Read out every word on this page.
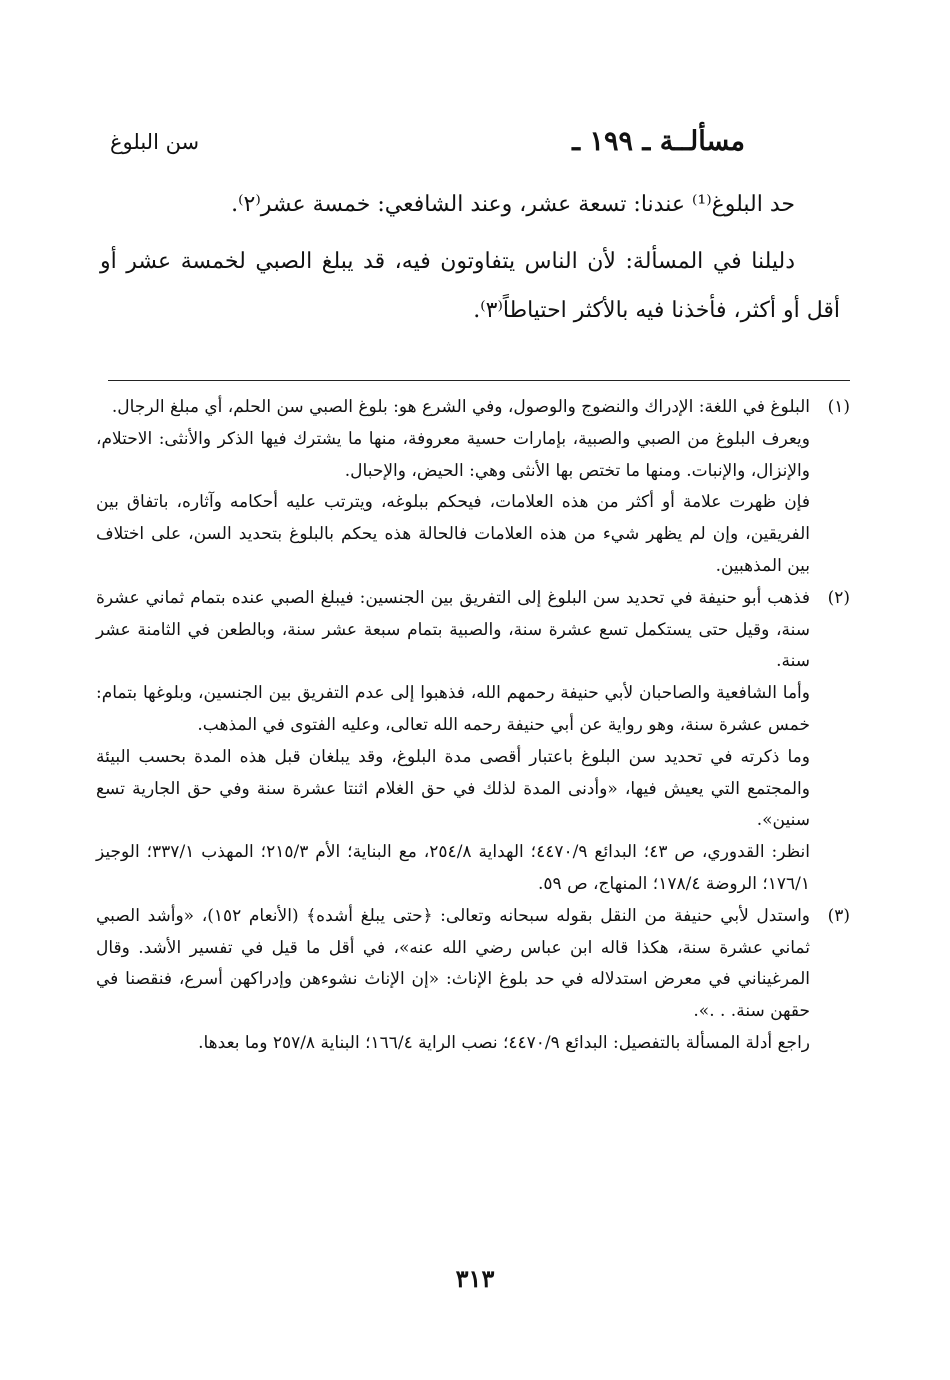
مسألــة ـ ١٩٩ ـ
سن البلوغ

حد البلوغ⁽¹⁾ عندنا: تسعة عشر، وعند الشافعي: خمسة عشر⁽٢⁾.

دليلنا في المسألة: لأن الناس يتفاوتون فيه، قد يبلغ الصبي لخمسة عشر أو أقل أو أكثر، فأخذنا فيه بالأكثر احتياطاً⁽٣⁾.

(١)

البلوغ في اللغة: الإدراك والنضوج والوصول، وفي الشرع هو: بلوغ الصبي سن الحلم، أي مبلغ الرجال.

ويعرف البلوغ من الصبي والصبية، بإمارات حسية معروفة، منها ما يشترك فيها الذكر والأنثى: الاحتلام، والإنزال، والإنبات. ومنها ما تختص بها الأنثى وهي: الحيض، والإحبال.

فإن ظهرت علامة أو أكثر من هذه العلامات، فيحكم ببلوغه، ويترتب عليه أحكامه وآثاره، باتفاق بين الفريقين، وإن لم يظهر شيء من هذه العلامات فالحالة هذه يحكم بالبلوغ بتحديد السن، على اختلاف بين المذهبين.

(٢)

فذهب أبو حنيفة في تحديد سن البلوغ إلى التفريق بين الجنسين: فيبلغ الصبي عنده بتمام ثماني عشرة سنة، وقيل حتى يستكمل تسع عشرة سنة، والصبية بتمام سبعة عشر سنة، وبالطعن في الثامنة عشر سنة.

وأما الشافعية والصاحبان لأبي حنيفة رحمهم الله، فذهبوا إلى عدم التفريق بين الجنسين، وبلوغها بتمام: خمس عشرة سنة، وهو رواية عن أبي حنيفة رحمه الله تعالى، وعليه الفتوى في المذهب.

وما ذكرته في تحديد سن البلوغ باعتبار أقصى مدة البلوغ، وقد يبلغان قبل هذه المدة بحسب البيئة والمجتمع التي يعيش فيها، «وأدنى المدة لذلك في حق الغلام اثنتا عشرة سنة وفي حق الجارية تسع سنين».

انظر: القدوري، ص ٤٣؛ البدائع ٤٤٧٠/٩؛ الهداية ٢٥٤/٨، مع البناية؛ الأم ٢١٥/٣؛ المهذب ٣٣٧/١؛ الوجيز ١٧٦/١؛ الروضة ١٧٨/٤؛ المنهاج، ص ٥٩.

(٣)

واستدل لأبي حنيفة من النقل بقوله سبحانه وتعالى: ﴿حتى يبلغ أشده﴾ (الأنعام ١٥٢)، «وأشد الصبي ثماني عشرة سنة، هكذا قاله ابن عباس رضي الله عنه»، في أقل ما قيل في تفسير الأشد. وقال المرغيناني في معرض استدلاله في حد بلوغ الإناث: «إن الإناث نشوءهن وإدراكهن أسرع، فنقصنا في حقهن سنة. . .».

راجع أدلة المسألة بالتفصيل: البدائع ٤٤٧٠/٩؛ نصب الراية ١٦٦/٤؛ البناية ٢٥٧/٨ وما بعدها.

٣١٣
